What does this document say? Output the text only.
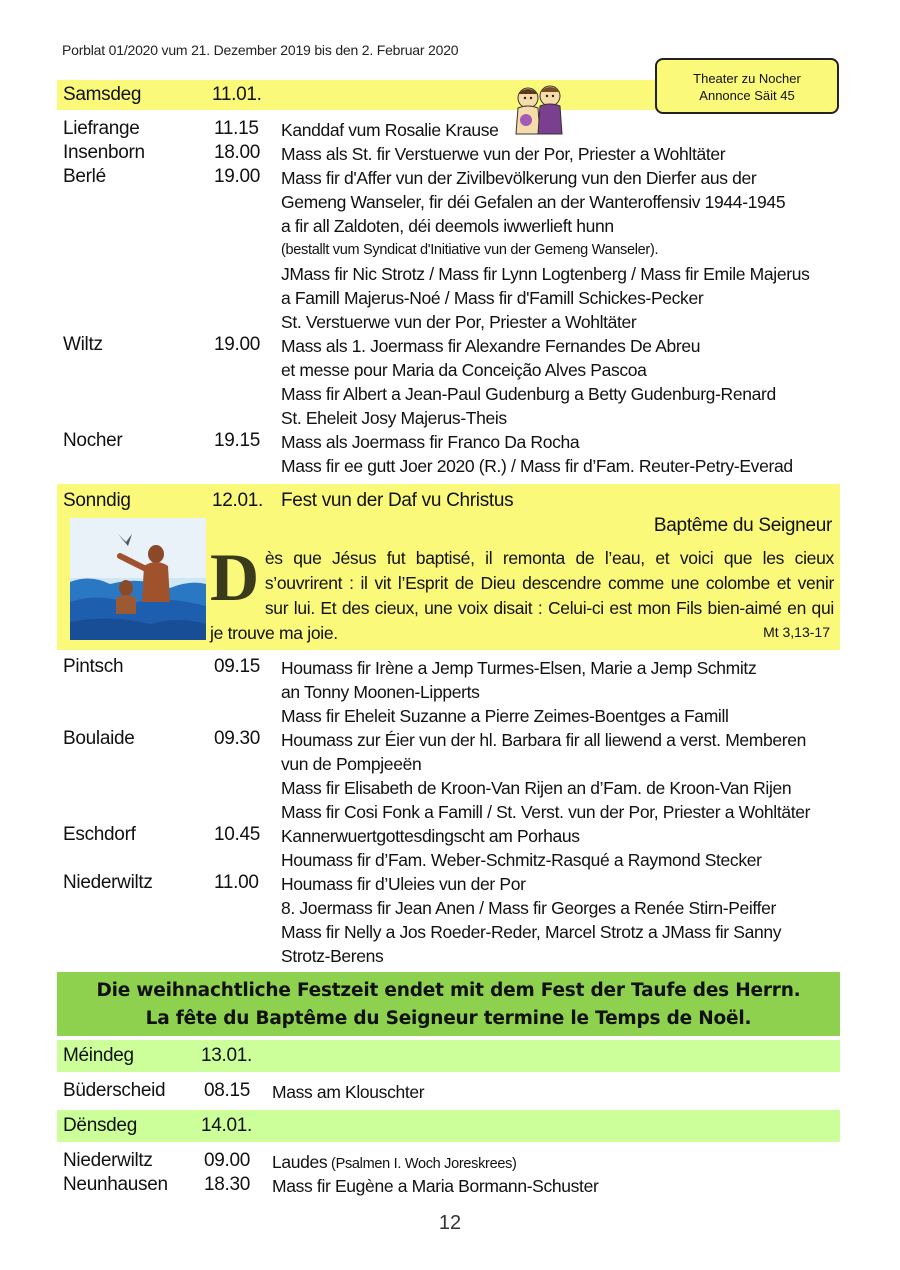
Porblat 01/2020 vum 21. Dezember 2019 bis den 2. Februar 2020
Samsdeg	11.01.
Theater zu Nocher
Annonce Säit 45
Liefrange	11.15 Kanddaf vum Rosalie Krause
Insenborn	18.00 Mass als St. fir Verstuerwe vun der Por, Priester a Wohltäter
Berlé	19.00 Mass fir d'Affer vun der Zivilbevölkerung vun den Dierfer aus der
Gemeng Wanseler, fir déi Gefalen an der Wanteroffensiv 1944-1945
a fir all Zaldoten, déi deemols iwwerlieft hunn
(bestallt vum Syndicat d'Initiative vun der Gemeng Wanseler).
JMass fir Nic Strotz / Mass fir Lynn Logtenberg / Mass fir Emile Majerus
a Famill Majerus-Noé / Mass fir d'Famill Schickes-Pecker
St. Verstuerwe vun der Por, Priester a Wohltäter
Wiltz	19.00 Mass als 1. Joermass fir Alexandre Fernandes De Abreu
et messe pour Maria da Conceição Alves Pascoa
Mass fir Albert a Jean-Paul Gudenburg a Betty Gudenburg-Renard
St. Eheleit Josy Majerus-Theis
Nocher	19.15 Mass als Joermass fir Franco Da Rocha
Mass fir ee gutt Joer 2020 (R.) / Mass fir d’Fam. Reuter-Petry-Everad
Sonndig	12.01. Fest vun der Daf vu Christus
Baptême du Seigneur
Dès que Jésus fut baptisé, il remonta de l’eau, et voici que les cieux s’ouvrirent : il vit l’Esprit de Dieu descendre comme une colombe et venir sur lui. Et des cieux, une voix disait : Celui-ci est mon Fils bien-aimé en qui je trouve ma joie.	Mt 3,13-17
Pintsch	09.15 Houmass fir Irène a Jemp Turmes-Elsen, Marie a Jemp Schmitz
an Tonny Moonen-Lipperts
Mass fir Eheleit Suzanne a Pierre Zeimes-Boentges a Famill
Boulaide	09.30 Houmass zur Éier vun der hl. Barbara fir all liewend a verst. Memberen
vun de Pompjeeën
Mass fir Elisabeth de Kroon-Van Rijen an d’Fam. de Kroon-Van Rijen
Mass fir Cosi Fonk a Famill / St. Verst. vun der Por, Priester a Wohltäter
Eschdorf	10.45 Kannerwuertgottesdingscht am Porhaus
Houmass fir d’Fam. Weber-Schmitz-Rasqué a Raymond Stecker
Niederwiltz	11.00 Houmass fir d’Uleies vun der Por
8. Joermass fir Jean Anen / Mass fir Georges a Renée Stirn-Peiffer
Mass fir Nelly a Jos Roeder-Reder, Marcel Strotz a JMass fir Sanny
Strotz-Berens
Die weihnachtliche Festzeit endet mit dem Fest der Taufe des Herrn.
La fête du Baptême du Seigneur termine le Temps de Noël.
Méindeg	13.01.
Büderscheid 08.15 Mass am Klouschter
Dënsdeg	14.01.
Niederwiltz	09.00 Laudes (Psalmen I. Woch Joreskrees)
Neunhausen 18.30 Mass fir Eugène a Maria Bormann-Schuster
12
